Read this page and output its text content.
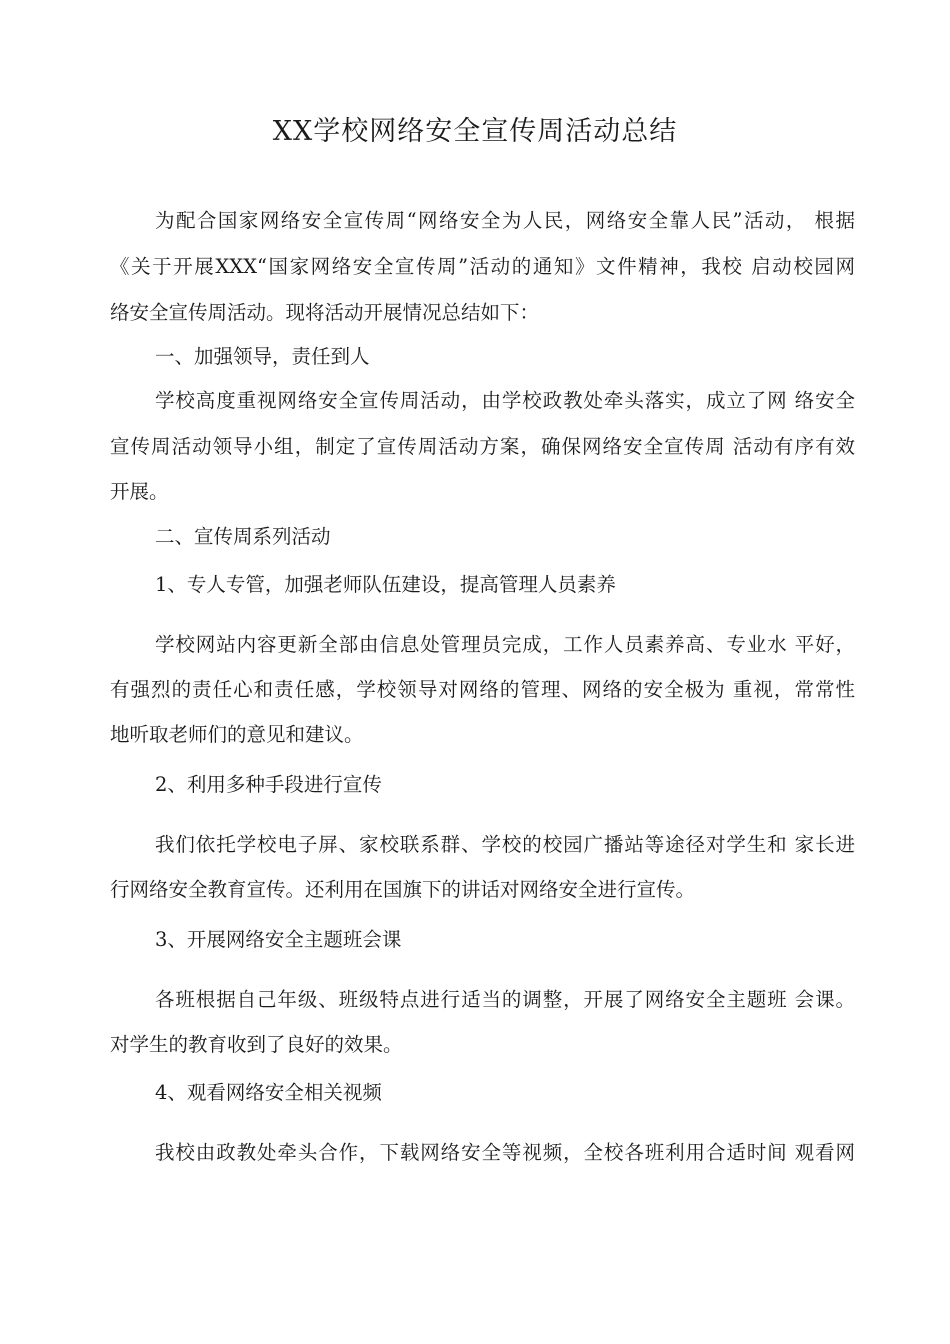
XX学校网络安全宣传周活动总结
为配合国家网络安全宣传周“网络安全为人民，网络安全靠人民”活动， 根据
《关于开展XXX“国家网络安全宣传周”活动的通知》文件精神，我校 启动校园网
络安全宣传周活动。现将活动开展情况总结如下：
一、加强领导，责任到人
学校高度重视网络安全宣传周活动，由学校政教处牵头落实，成立了网 络安全
宣传周活动领导小组，制定了宣传周活动方案，确保网络安全宣传周 活动有序有效
开展。
二、宣传周系列活动
1、专人专管，加强老师队伍建设，提高管理人员素养
学校网站内容更新全部由信息处管理员完成，工作人员素养高、专业水 平好，
有强烈的责任心和责任感，学校领导对网络的管理、网络的安全极为 重视，常常性
地听取老师们的意见和建议。
2、利用多种手段进行宣传
我们依托学校电子屏、家校联系群、学校的校园广播站等途径对学生和 家长进
行网络安全教育宣传。还利用在国旗下的讲话对网络安全进行宣传。
3、开展网络安全主题班会课
各班根据自己年级、班级特点进行适当的调整，开展了网络安全主题班 会课。
对学生的教育收到了良好的效果。
4、观看网络安全相关视频
我校由政教处牵头合作，下载网络安全等视频，全校各班利用合适时间 观看网
